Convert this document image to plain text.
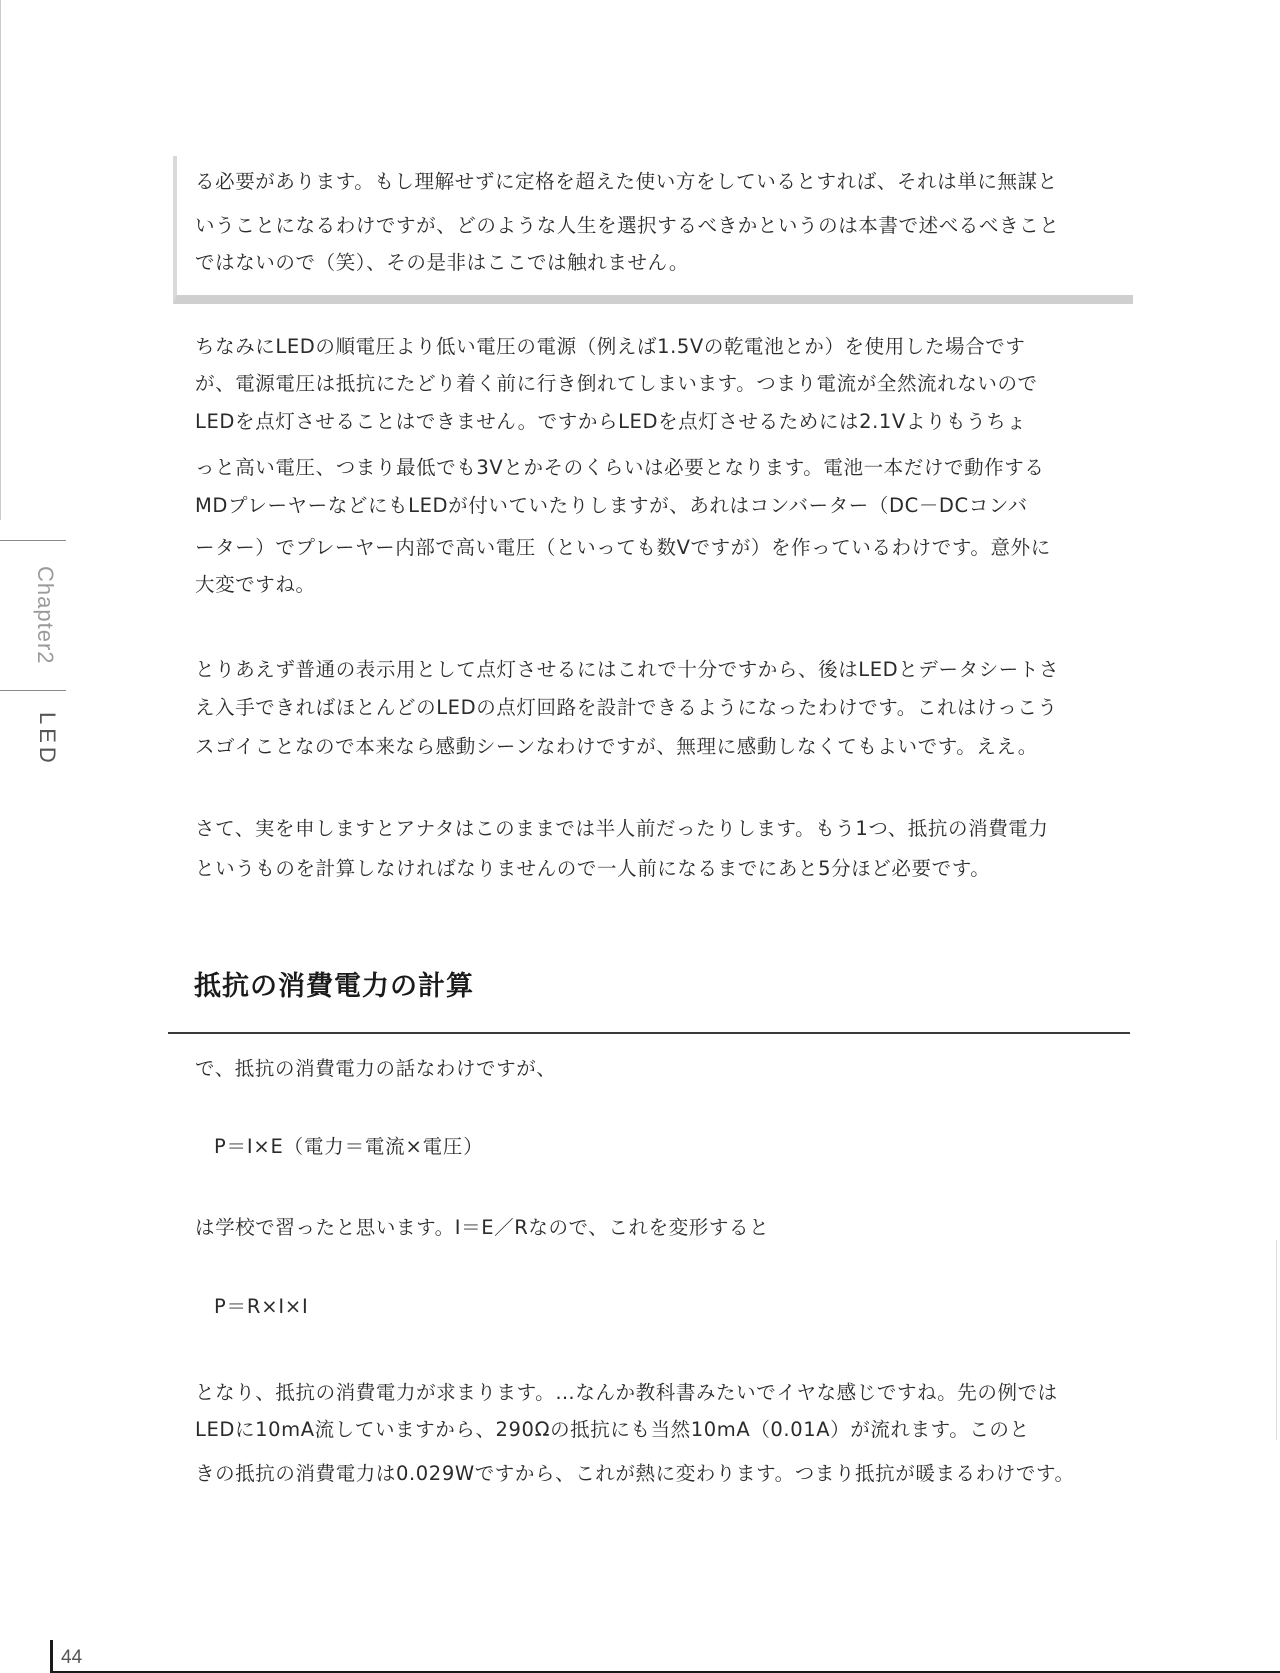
る必要があります。もし理解せずに定格を超えた使い方をしているとすれば、それは単に無謀と
いうことになるわけですが、どのような人生を選択するべきかというのは本書で述べるべきこと
ではないので（笑）、その是非はここでは触れません。
ちなみにLEDの順電圧より低い電圧の電源（例えば1.5Vの乾電池とか）を使用した場合です
が、電源電圧は抵抗にたどり着く前に行き倒れてしまいます。つまり電流が全然流れないので
LEDを点灯させることはできません。ですからLEDを点灯させるためには2.1Vよりもうちょ
っと高い電圧、つまり最低でも3Vとかそのくらいは必要となります。電池一本だけで動作する
MDプレーヤーなどにもLEDが付いていたりしますが、あれはコンバーター（DC－DCコンバ
ーター）でプレーヤー内部で高い電圧（といっても数Vですが）を作っているわけです。意外に
大変ですね。
とりあえず普通の表示用として点灯させるにはこれで十分ですから、後はLEDとデータシートさ
え入手できればほとんどのLEDの点灯回路を設計できるようになったわけです。これはけっこう
スゴイことなので本来なら感動シーンなわけですが、無理に感動しなくてもよいです。ええ。
さて、実を申しますとアナタはこのままでは半人前だったりします。もう1つ、抵抗の消費電力
というものを計算しなければなりませんので一人前になるまでにあと5分ほど必要です。
抵抗の消費電力の計算
で、抵抗の消費電力の話なわけですが、
P＝I×E（電力＝電流×電圧）
は学校で習ったと思います。I＝E／Rなので、これを変形すると
P＝R×I×I
となり、抵抗の消費電力が求まります。…なんか教科書みたいでイヤな感じですね。先の例では
LEDに10mA流していますから、290Ωの抵抗にも当然10mA（0.01A）が流れます。このと
きの抵抗の消費電力は0.029Wですから、これが熱に変わります。つまり抵抗が暖まるわけです。
Chapter2
LED
44
